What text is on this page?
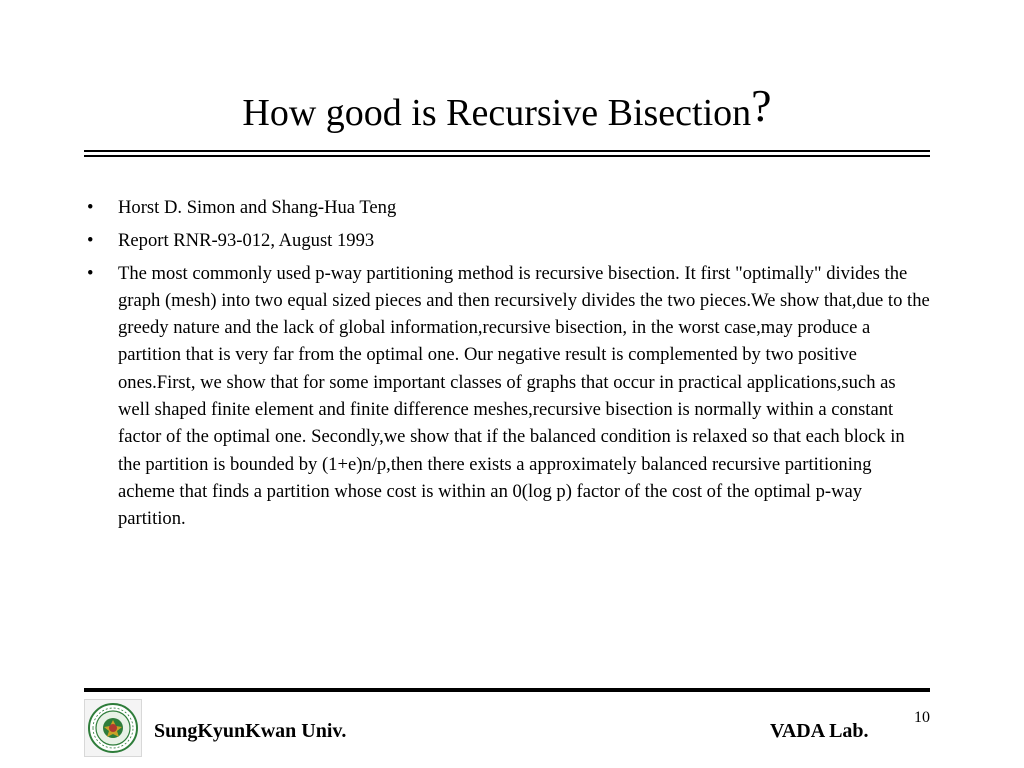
How good is Recursive Bisection?
• Horst D. Simon and Shang-Hua Teng
• Report RNR-93-012, August 1993
• The most commonly used p-way partitioning method is recursive bisection. It first "optimally" divides the graph (mesh) into two equal sized pieces and then recursively divides the two pieces.We show that,due to the greedy nature and the lack of global information,recursive bisection, in the worst case,may produce a partition that is very far from the optimal one. Our negative result is complemented by two positive ones.First, we show that for some important classes of graphs that occur in practical applications,such as well shaped finite element and finite difference meshes,recursive bisection is normally within a constant factor of the optimal one. Secondly,we show that if the balanced condition is relaxed so that each block in the partition is bounded by (1+e)n/p,then there exists a approximately balanced recursive partitioning acheme that finds a partition whose cost is within an 0(log p) factor of the cost of the optimal p-way partition.
SungKyunKwan Univ.	VADA Lab.
10
